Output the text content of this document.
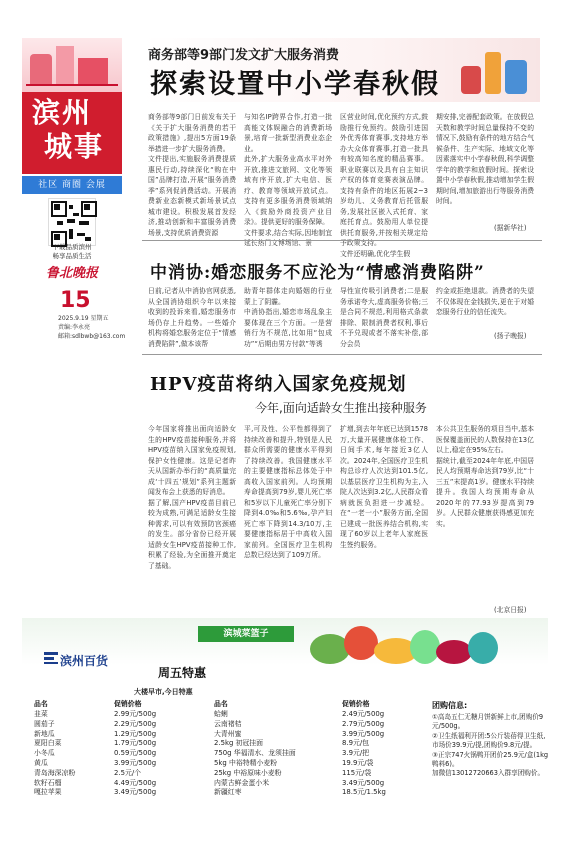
滨州
城事
社区 商圈 会展
下载品质滨州
畅享品质生活
鲁北晚报
15
2025.9.19 星期五
责编:李永亮
邮箱:sdlbwb@163.com
商务部等9部门发文扩大服务消费
探索设置中小学春秋假
商务部等9部门日前发布关于《关于扩大服务消费的若干政策措施》,提出5方面19条举措进一步扩大服务消费。
文件提出,实施服务消费提质惠民行动,持续深化“购在中国”品牌打造,开展“服务消费季”系列促消费活动。开展消费新业态新模式新场景试点城市建设。积极发展首发经济,推动创新和丰富服务消费场景,支持优质消费资源
与知名IP跨界合作,打造一批高能文体娱融合的消费新场景,培育一批新型消费业态企业。
此外,扩大服务业高水平对外开放,推进文旅网、文化等领域有序开放,扩大电信、医疗、教育等领域开放试点。支持有更多服务消费领域纳入《鼓励外商投资产业目录》。提供更好的服务保障。
文件要求,结合实际,因地制宜延长热门文博场馆、景
区营业时间,优化预约方式,鼓励推行免预约。鼓励引进国外优秀体育赛事,支持地方举办大众体育赛事,打造一批具有较高知名度的精品赛事。职业联赛以及具有自主知识产权的体育竞赛表演品牌。支持有条件的地区拓展2~3岁幼儿、义务教育后托管服务,发展社区嵌入式托育、家庭托育点。鼓励用人单位提供托育服务,并按相关规定给予政策支持。
文件还明确,优化学生假
期安排,完善配套政策。在放假总天数和教学时间总量保持不变的情况下,鼓励有条件的地方结合气候条件、生产实际、地域文化等因素落实中小学春秋假,科学调整学年的教学和放假时间。探索设置中小学春秋假,推动增加学生假期时间,增加旅游出行等服务消费时间。
(据新华社)
中消协:婚恋服务不应沦为“情感消费陷阱”
日前,记者从中消协官网获悉,从全国消协组织今年以来接收到的投诉来看,婚恋服务市场仍存上升趋势。一些婚介机构将婚恋服务定位于“情感消费陷阱”,做本该帮
助青年群体走向婚姻的行业蒙上了阴霾。
中消协指出,婚恋市场乱象主要体现在三个方面。一是营销行为不规范,比如用“包成功”“后期由男方付款”等诱
导性宣传吸引消费者;二是服务承诺夸大,虚高服务价格;三是合同不规范,利用格式条款排除、限制消费者权利,事后不予兑现或者不落实补偿,部分会员
约金或拒绝退款。消费者的失望不仅体现在金钱损失,更在于对婚恋服务行业的信任流失。
(扬子晚报)
HPV疫苗将纳入国家免疫规划
今年,面向适龄女生推出接种服务
今年国家将推出面向适龄女生的HPV疫苗接种服务,并将HPV疫苗纳入国家免疫规划,保护女性健康。这是记者昨天从国新办举行的“高质量完成‘十四五’规划”系列主题新闻发布会上获悉的好消息。
据了解,国产HPV疫苗目前已较为成熟,可满足适龄女生接种需求,可以有效预防宫颈癌的发生。部分省份已经开展适龄女生HPV疫苗接种工作,积累了经验,为全面推开奠定了基础。
平,可及性、公平性都得到了持续改善和提升,特别是人民群众所需要的健康水平得到了持续改善。我国健康水平的主要健康指标总体处于中高收入国家前列。人均预期寿命提高到79岁,婴儿死亡率和5岁以下儿童死亡率分别下降到4.0‰和5.6‰,孕产妇死亡率下降到14.3/10万,主要健康指标居于中高收入国家前列。全国医疗卫生机构总数已经达到了109万所。
扩增,到去年年底已达到1578万,大量开展健康体检工作、日间手术,每年接近3亿人次。2024年,全国医疗卫生机构总诊疗人次达到101.5亿,以基层医疗卫生机构为主,入院人次达到3.2亿,人民群众看病就医负担进一步减轻。在“一老一小”服务方面,全国已建成一批医养结合机构,实现了60岁以上老年人家庭医生签约服务。
本公共卫生服务的项目当中,基本医保覆盖面民的人数保持在13亿以上,稳定在95%左右。
据统计,截至2024年年底,中国居民人均预期寿命达到79岁,比“十三五”末提高1岁。健康水平持续提升。我国人均预期寿命从2020年的77.93岁提高到79岁。人民群众健康获得感更加充实。
(北京日报)
滨城菜篮子
滨州百货
周五特惠
大楼早市,今日特惠
品名	促销价格	品名	促销价格
韭菜	2.99元/500g
圆茄子	2.29元/500g
新地瓜	1.29元/500g
夏阳白菜	1.79元/500g
小冬瓜	0.59元/500g
黄瓜	3.99元/500g
青岛海深凉粉	2.5元/个
软籽石榴	4.49元/500g
嘎拉苹果	3.49元/500g
蛤蜊	2.49元/500g
云南褚桔	2.79元/500g
大青州蜜	3.99元/500g
2.5kg 初冠挂面	8.9元/包
750g 华福清水、龙须挂面	3.9元/把
5kg 中裕特精小麦粉	19.9元/袋
25kg 中裕原味小麦粉	115元/袋
内蒙古鲜金蛋小米	3.49元/500g
新疆红枣	18.5元/1.5kg
团购信息:
①高岛五仁无糖月饼新鲜上市,团购价9元/500g。
②卫生纸福利开团:5公斤装蓓得卫生纸,市场价39.9元/提,团购价9.8元/提。
③正宗747火锅鸭开团价25.9元/盒(1kg 鸭料6)。
加微信13012720663入群享团购价。
